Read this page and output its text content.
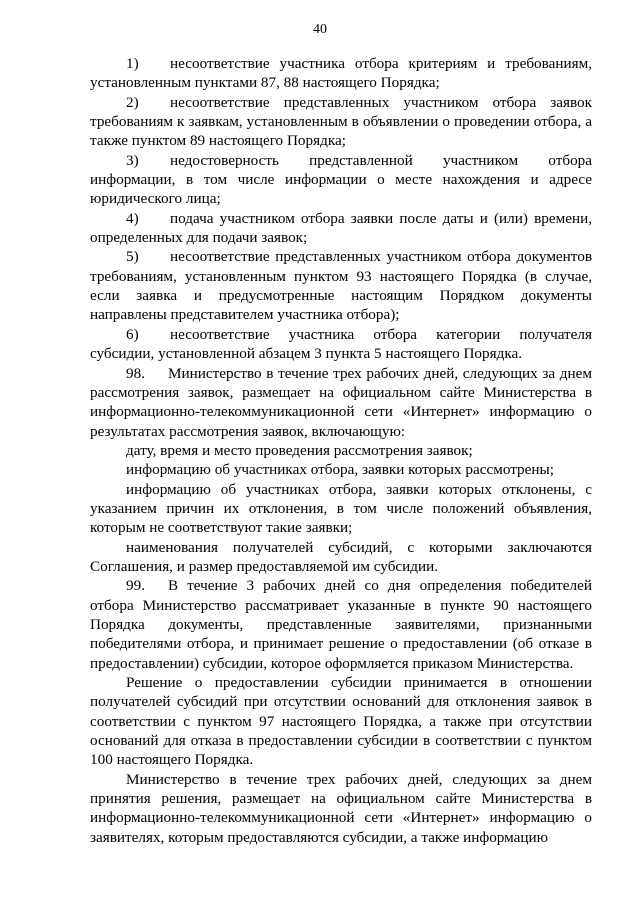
40

1) несоответствие участника отбора критериям и требованиям, установленным пунктами 87, 88 настоящего Порядка;

2) несоответствие представленных участником отбора заявок требованиям к заявкам, установленным в объявлении о проведении отбора, а также пунктом 89 настоящего Порядка;

3) недостоверность представленной участником отбора информации, в том числе информации о месте нахождения и адресе юридического лица;

4) подача участником отбора заявки после даты и (или) времени, определенных для подачи заявок;

5) несоответствие представленных участником отбора документов требованиям, установленным пунктом 93 настоящего Порядка (в случае, если заявка и предусмотренные настоящим Порядком документы направлены представителем участника отбора);

6) несоответствие участника отбора категории получателя субсидии, установленной абзацем 3 пункта 5 настоящего Порядка.

98. Министерство в течение трех рабочих дней, следующих за днем рассмотрения заявок, размещает на официальном сайте Министерства в информационно-телекоммуникационной сети «Интернет» информацию о результатах рассмотрения заявок, включающую:

дату, время и место проведения рассмотрения заявок;

информацию об участниках отбора, заявки которых рассмотрены;

информацию об участниках отбора, заявки которых отклонены, с указанием причин их отклонения, в том числе положений объявления, которым не соответствуют такие заявки;

наименования получателей субсидий, с которыми заключаются Соглашения, и размер предоставляемой им субсидии.

99. В течение 3 рабочих дней со дня определения победителей отбора Министерство рассматривает указанные в пункте 90 настоящего Порядка документы, представленные заявителями, признанными победителями отбора, и принимает решение о предоставлении (об отказе в предоставлении) субсидии, которое оформляется приказом Министерства.

Решение о предоставлении субсидии принимается в отношении получателей субсидий при отсутствии оснований для отклонения заявок в соответствии с пунктом 97 настоящего Порядка, а также при отсутствии оснований для отказа в предоставлении субсидии в соответствии с пунктом 100 настоящего Порядка.

Министерство в течение трех рабочих дней, следующих за днем принятия решения, размещает на официальном сайте Министерства в информационно-телекоммуникационной сети «Интернет» информацию о заявителях, которым предоставляются субсидии, а также информацию
